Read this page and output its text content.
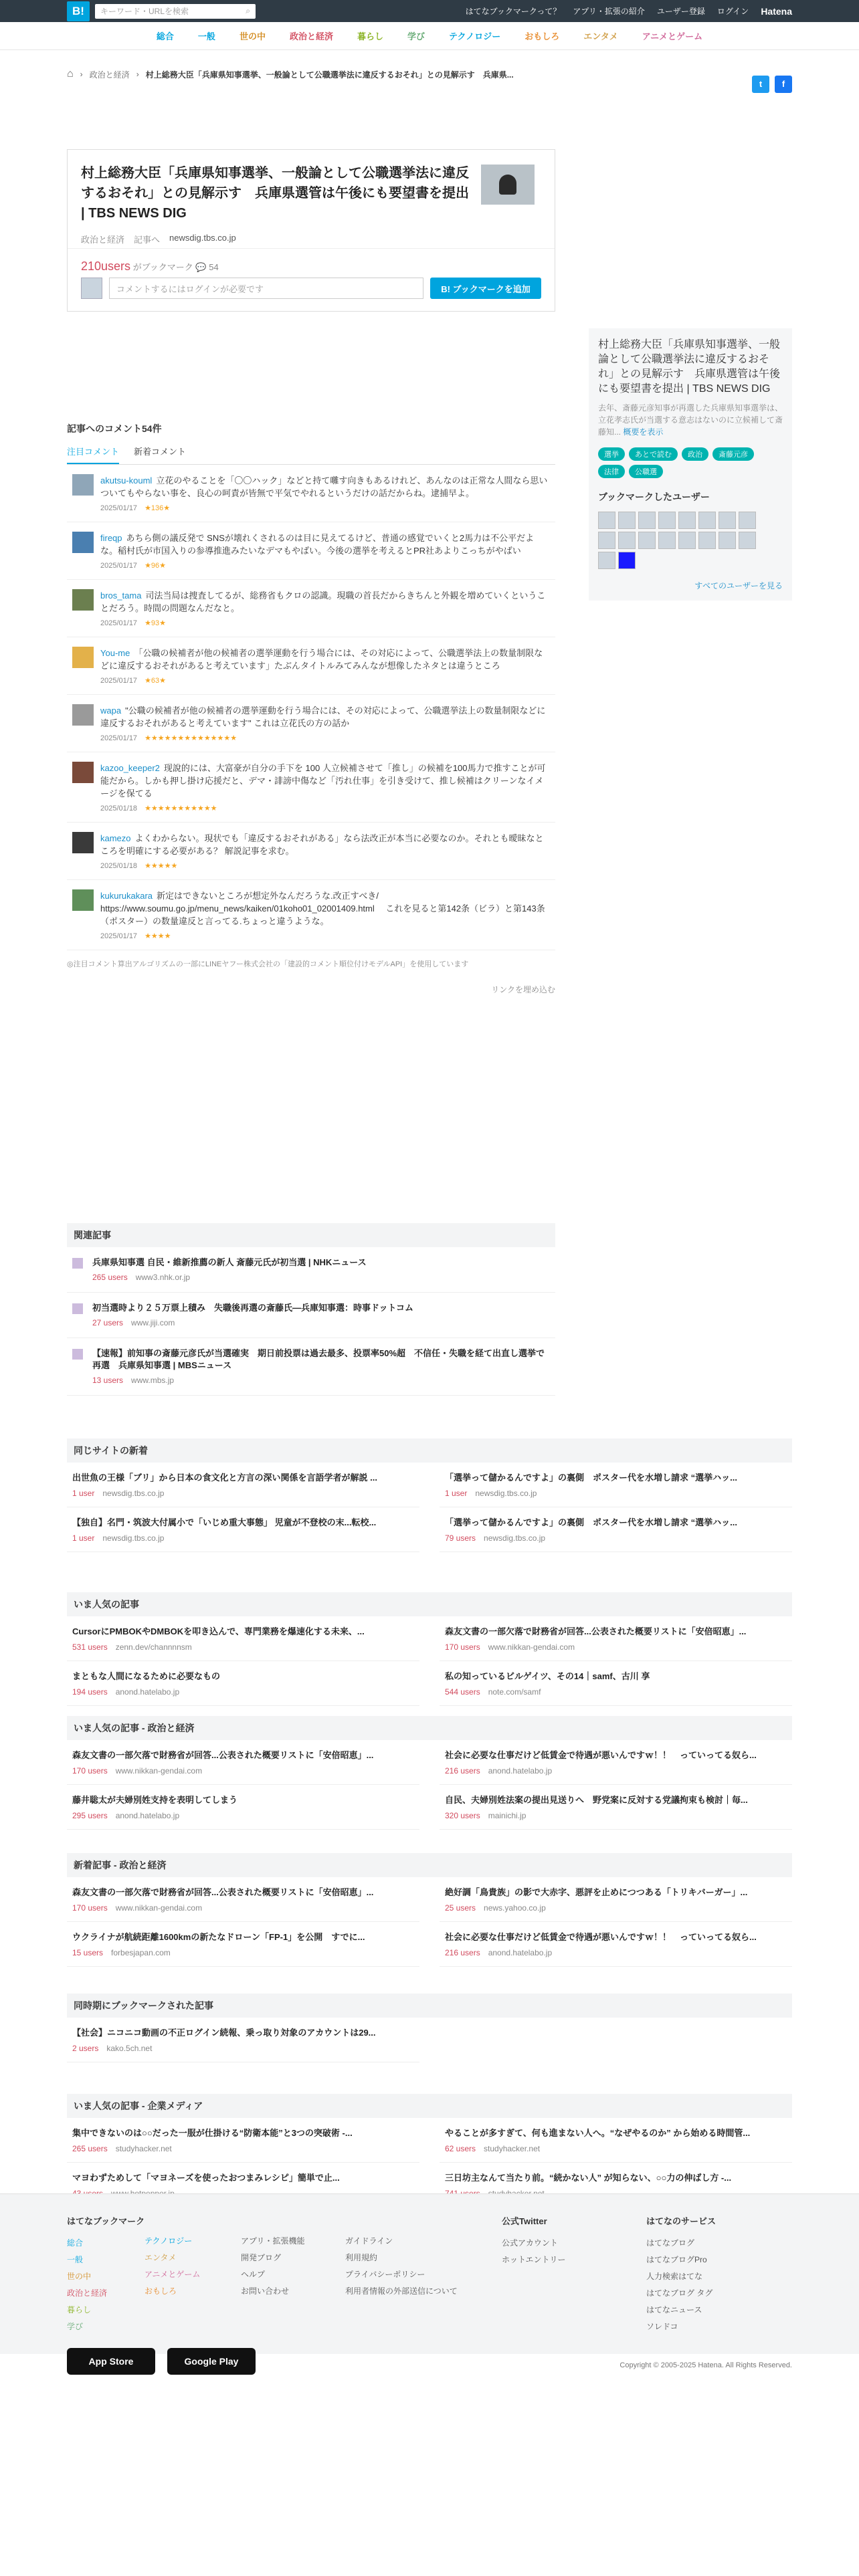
B!	キーワード・URLを検索	⌕	はてなブックマークって？ アプリ・拡張の紹介 ユーザー登録 ログイン Hatena
総合	一般	世の中	政治と経済	暮らし	学び	テクノロジー	おもしろ	エンタメ	アニメとゲーム
⌂ › 政治と経済 › 村上総務大臣「兵庫県知事選挙、一般論として公職選挙法に違反するおそれ」との見解示す　兵庫県...
t	f
村上総務大臣「兵庫県知事選挙、一般論として公職選挙法に違反するおそれ」との見解示す　兵庫県選管は午後にも要望書を提出 | TBS NEWS DIG
政治と経済 記事へ newsdig.tbs.co.jp
210users がブックマーク 💬 54
コメントするにはログインが必要です	B! ブックマークを追加
村上総務大臣「兵庫県知事選挙、一般論として公職選挙法に違反するおそれ」との見解示す　兵庫県選管は午後にも要望書を提出 | TBS NEWS DIG

去年、斎藤元彦知事が再選した兵庫県知事選挙は、立花孝志氏が当選する意志はないのに立候補して斎藤知... 概要を表示

選挙	あとで読む	政治	斎藤元彦
法律	公職選
ブックマークしたユーザー
すべてのユーザーを見る
記事へのコメント54件
注目コメント 新着コメント
akutsu-kouml 立花のやることを「〇〇ハック」などと持て囃す向きもあるけれど、あんなのは正常な人間なら思いついてもやらない事を、良心の呵責が皆無で平気でやれるというだけの話だからね。逮捕早よ。
2025/01/17　★136★
fireqp あちら側の議反発で SNSが壊れくされるのは目に見えてるけど、普通の感覚でいくと2馬力は不公平だよな。稲村氏が市国入りの参導推進みたいなデマもやばい。今後の選挙を考えるとPR社あよりこっちがやばい
2025/01/17　★96★
bros_tama 司法当局は捜査してるが、総務省もクロの認識。現職の首長だからきちんと外観を増めていくということだろう。時間の問題なんだなと。
2025/01/17　★93★
You-me 「公職の候補者が他の候補者の選挙運動を行う場合には、その対応によって、公職選挙法上の数量制限などに違反するおそれがあると考えています」たぶんタイトルみてみんなが想像したネタとは違うところ
2025/01/17　★63★
wapa "公職の候補者が他の候補者の選挙運動を行う場合には、その対応によって、公職選挙法上の数量制限などに違反するおそれがあると考えています" これは立花氏の方の話か
2025/01/17　★★★★★★★★★★★★★★
kazoo_keeper2 现說的には、大富豪が自分の手下を 100 人立候補させて「推し」の候補を100馬力で推すことが可能だから。しかも押し掛け応援だと、デマ・誹謗中傷など「汚れ仕事」を引き受けて、推し候補はクリーンなイメージを保てる
2025/01/18　★★★★★★★★★★★
kamezo よくわからない。現状でも「違反するおそれがある」なら法改正が本当に必要なのか。それとも曖昧なところを明確にする必要がある？ 解説記事を求む。
2025/01/18　★★★★★
kukurukakara 新定はできないところが想定外なんだろうな.改正すべき/ https://www.soumu.go.jp/menu_news/kaiken/01koho01_02001409.html 　これを見ると第142条（ビラ）と第143条（ポスター）の数量違反と言ってる.ちょっと違うような。
2025/01/17　★★★★
◎注目コメント算出アルゴリズムの一部にLINEヤフー株式会社の「建設的コメント順位付けモデルAPI」を使用しています
リンクを埋め込む
関連記事
兵庫県知事選 自民・維新推薦の新人 斎藤元氏が初当選 | NHKニュース
265 users　www3.nhk.or.jp
初当選時より２５万票上積み　失職後再選の斎藤氏―兵庫知事選：時事ドットコム
27 users　www.jiji.com
【速報】前知事の斎藤元彦氏が当選確実　期日前投票は過去最多、投票率50%超　不信任・失職を経て出直し選挙で再選　兵庫県知事選 | MBSニュース
13 users　www.mbs.jp
同じサイトの新着
出世魚の王様「ブリ」から日本の食文化と方言の深い関係を言語学者が解説 ...
1 user　newsdig.tbs.co.jp
【独自】名門・筑波大付属小で「いじめ重大事態」 児童が不登校の末...転校...
1 user　newsdig.tbs.co.jp
「選挙って儲かるんですよ」の裏側　ポスター代を水増し請求 “選挙ハッ...
1 user　newsdig.tbs.co.jp
「選挙って儲かるんですよ」の裏側　ポスター代を水増し請求 “選挙ハッ...
79 users　newsdig.tbs.co.jp
いま人気の記事
CursorにPMBOKやDMBOKを叩き込んで、専門業務を爆速化する未来、...
531 users　zenn.dev/channnnsm
まともな人間になるために必要なもの
194 users　anond.hatelabo.jp
森友文書の一部欠落で財務省が回答...公表された概要リストに「安倍昭恵」...
170 users　www.nikkan-gendai.com
私の知っているビルゲイツ、その14｜samf、古川 享
544 users　note.com/samf
いま人気の記事 - 政治と経済
森友文書の一部欠落で財務省が回答...公表された概要リストに「安倍昭恵」...
170 users　www.nikkan-gendai.com
藤井聡太が夫婦別姓支持を表明してしまう
295 users　anond.hatelabo.jp
社会に必要な仕事だけど低賃金で待遇が悪いんですｗ！！　っていってる奴ら...
216 users　anond.hatelabo.jp
自民、夫婦別姓法案の提出見送りへ　野党案に反対する党議拘束も検討｜毎...
320 users　mainichi.jp
新着記事 - 政治と経済
森友文書の一部欠落で財務省が回答...公表された概要リストに「安倍昭恵」...
170 users　www.nikkan-gendai.com
ウクライナが航続距離1600kmの新たなドローン「FP-1」を公開　すでに...
15 users　forbesjapan.com
絶好調「鳥貴族」の影で大赤字、悪評を止めにつつある「トリキバーガー」...
25 users　news.yahoo.co.jp
社会に必要な仕事だけど低賃金で待遇が悪いんですｗ！！　っていってる奴ら...
216 users　anond.hatelabo.jp
同時期にブックマークされた記事
【社会】ニコニコ動画の不正ログイン続報、乗っ取り対象のアカウントは29...
2 users　kako.5ch.net
いま人気の記事 - 企業メディア
集中できないのは○○だった一服が仕掛ける“防衛本能”と3つの突破術 -...
265 users　studyhacker.net
マヨわずためして「マヨネーズを使ったおつまみレシピ」簡単で止...
やることが多すぎて、何も進まない人へ。“なぜやるのか” から始める時間管...
62 users　studyhacker.net
三日坊主なんて当たり前。“続かない人” が知らない、○○力の伸ばし方 -...
はてなブックマーク
総合
一般
世の中
政治と経済
暮らし
学び
テクノロジー
エンタメ
アニメとゲーム
おもしろ
アプリ・拡張機能
開発ブログ
ヘルプ
お問い合わせ
ガイドライン
利用規約
プライバシーポリシー
利用者情報の外部送信について
公式Twitter
公式アカウント
ホットエントリー
はてなのサービス
はてなブログ
はてなブログPro
人力検索はてな
はてなブログ タグ
はてなニュース
ソレドコ
App Store	Google Play	Copyright © 2005-2025 Hatena. All Rights Reserved.
